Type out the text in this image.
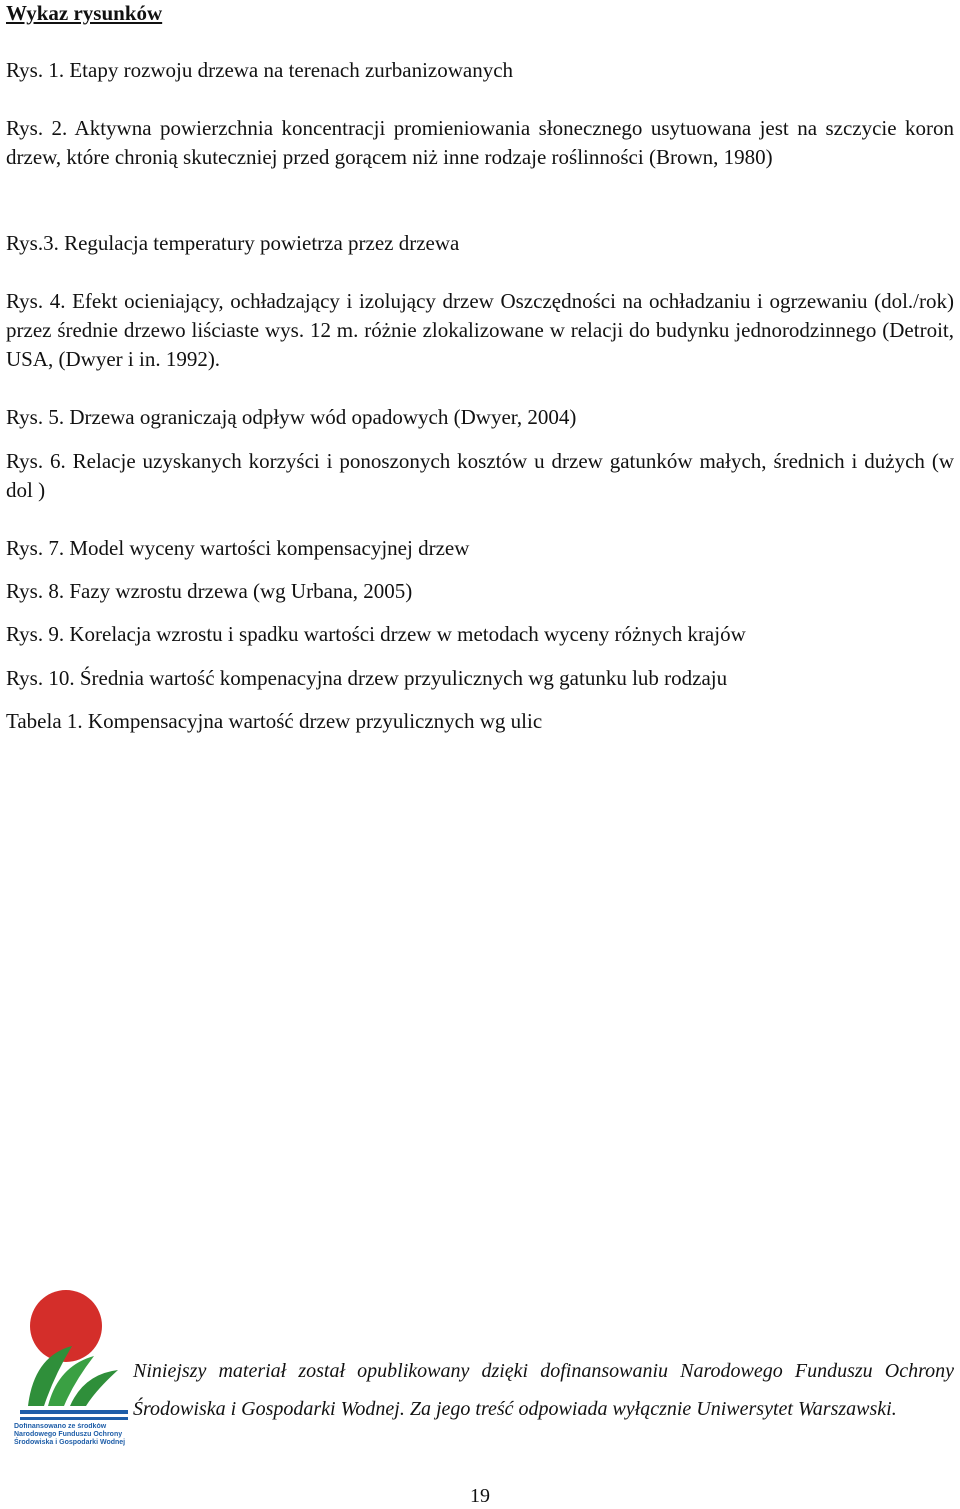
Wykaz rysunków

Rys. 1. Etapy rozwoju drzewa na terenach zurbanizowanych

Rys. 2. Aktywna powierzchnia koncentracji promieniowania słonecznego usytuowana jest na szczycie koron drzew, które chronią skuteczniej przed gorącem niż inne rodzaje roślinności (Brown, 1980)

Rys.3. Regulacja temperatury powietrza przez drzewa

Rys. 4. Efekt ocieniający, ochładzający i izolujący drzew Oszczędności na ochładzaniu i ogrzewaniu (dol./rok) przez średnie drzewo liściaste wys. 12 m. różnie zlokalizowane w relacji do budynku jednorodzinnego (Detroit, USA, (Dwyer i in. 1992).

Rys. 5. Drzewa ograniczają odpływ wód opadowych (Dwyer, 2004)

Rys. 6. Relacje uzyskanych korzyści i ponoszonych kosztów u drzew gatunków małych, średnich i dużych (w dol )

Rys. 7. Model wyceny wartości kompensacyjnej drzew

Rys. 8. Fazy wzrostu drzewa (wg Urbana, 2005)

Rys. 9. Korelacja wzrostu i spadku wartości drzew w metodach wyceny różnych krajów

Rys. 10. Średnia wartość kompenacyjna drzew przyulicznych wg gatunku lub rodzaju

Tabela 1. Kompensacyjna wartość drzew przyulicznych wg ulic

Dofinansowano ze środków Narodowego Funduszu Ochrony Środowiska i Gospodarki Wodnej

Niniejszy materiał został opublikowany dzięki dofinansowaniu Narodowego Funduszu Ochrony Środowiska i Gospodarki Wodnej. Za jego treść odpowiada wyłącznie Uniwersytet Warszawski.

19
